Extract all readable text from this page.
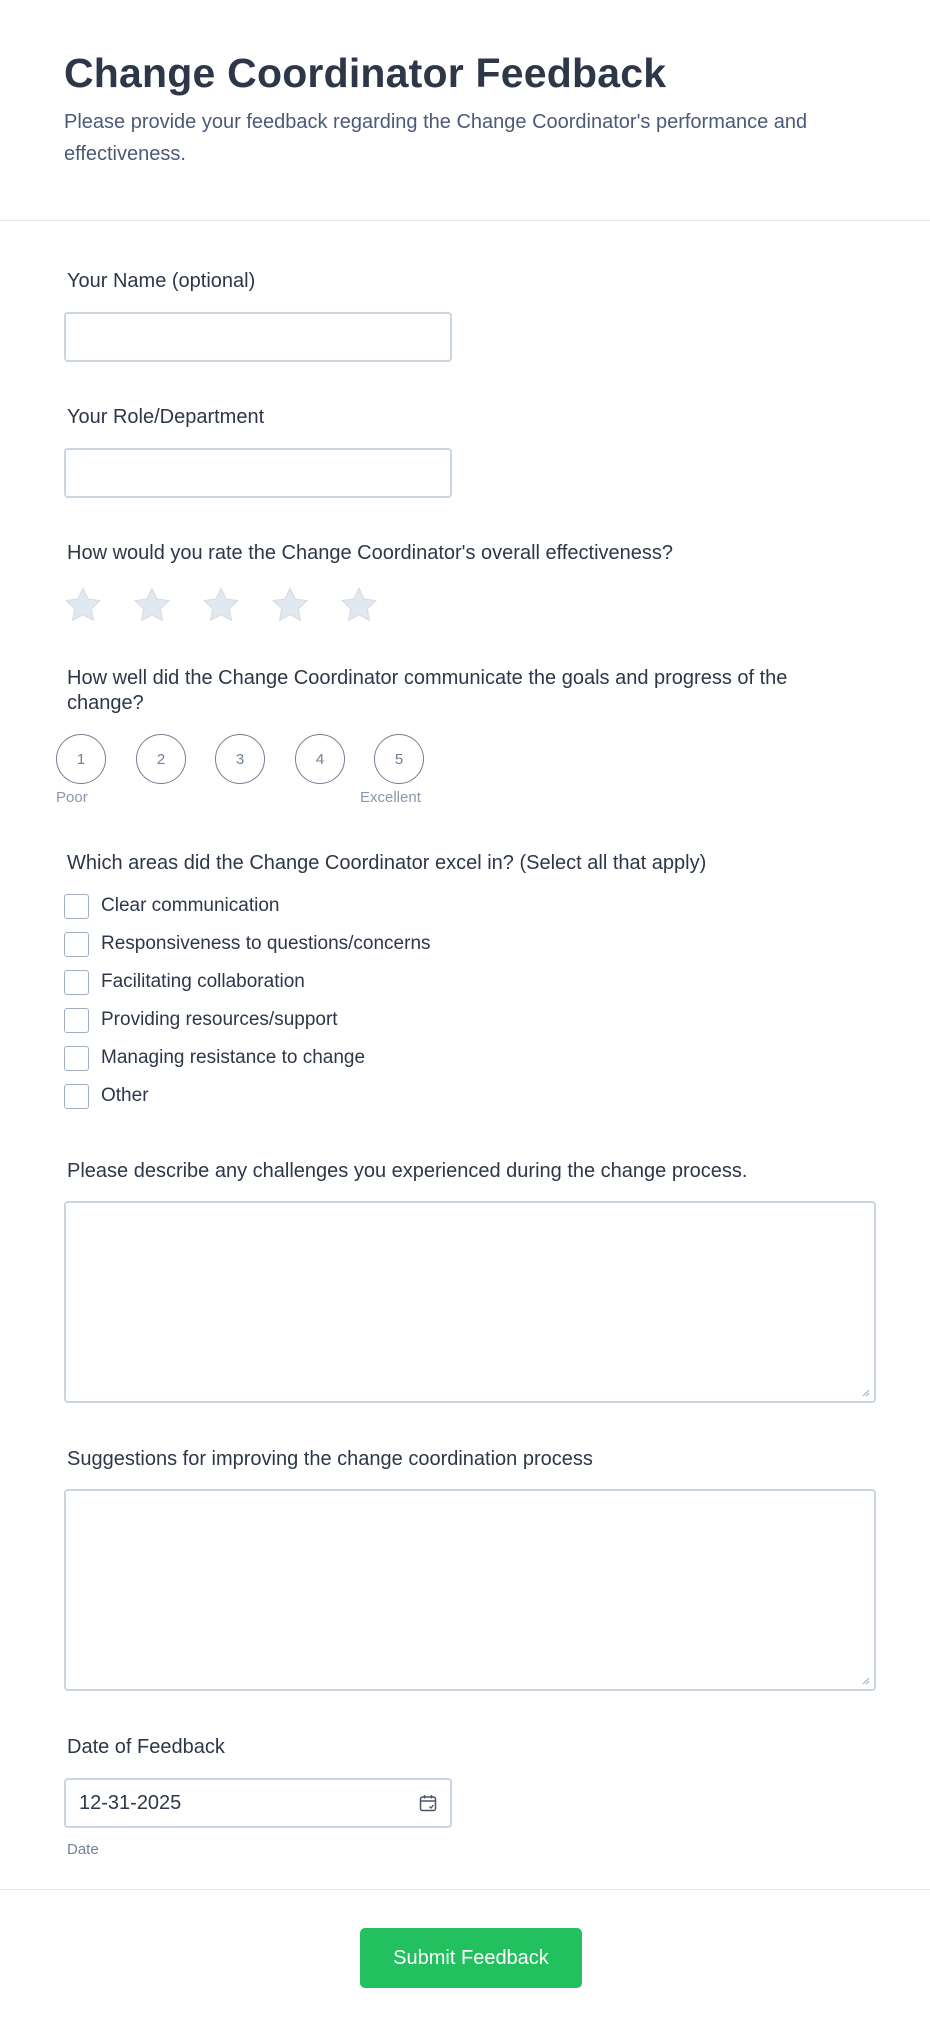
Change Coordinator Feedback

Please provide your feedback regarding the Change Coordinator's performance and effectiveness.

Your Name (optional)
Your Role/Department
How would you rate the Change Coordinator's overall effectiveness?
How well did the Change Coordinator communicate the goals and progress of the change?
1	2	3	4	5
Poor	Excellent
Which areas did the Change Coordinator excel in? (Select all that apply)
Clear communication
Responsiveness to questions/concerns
Facilitating collaboration
Providing resources/support
Managing resistance to change
Other
Please describe any challenges you experienced during the change process.
Suggestions for improving the change coordination process
Date of Feedback
12-31-2025
Date
Submit Feedback
